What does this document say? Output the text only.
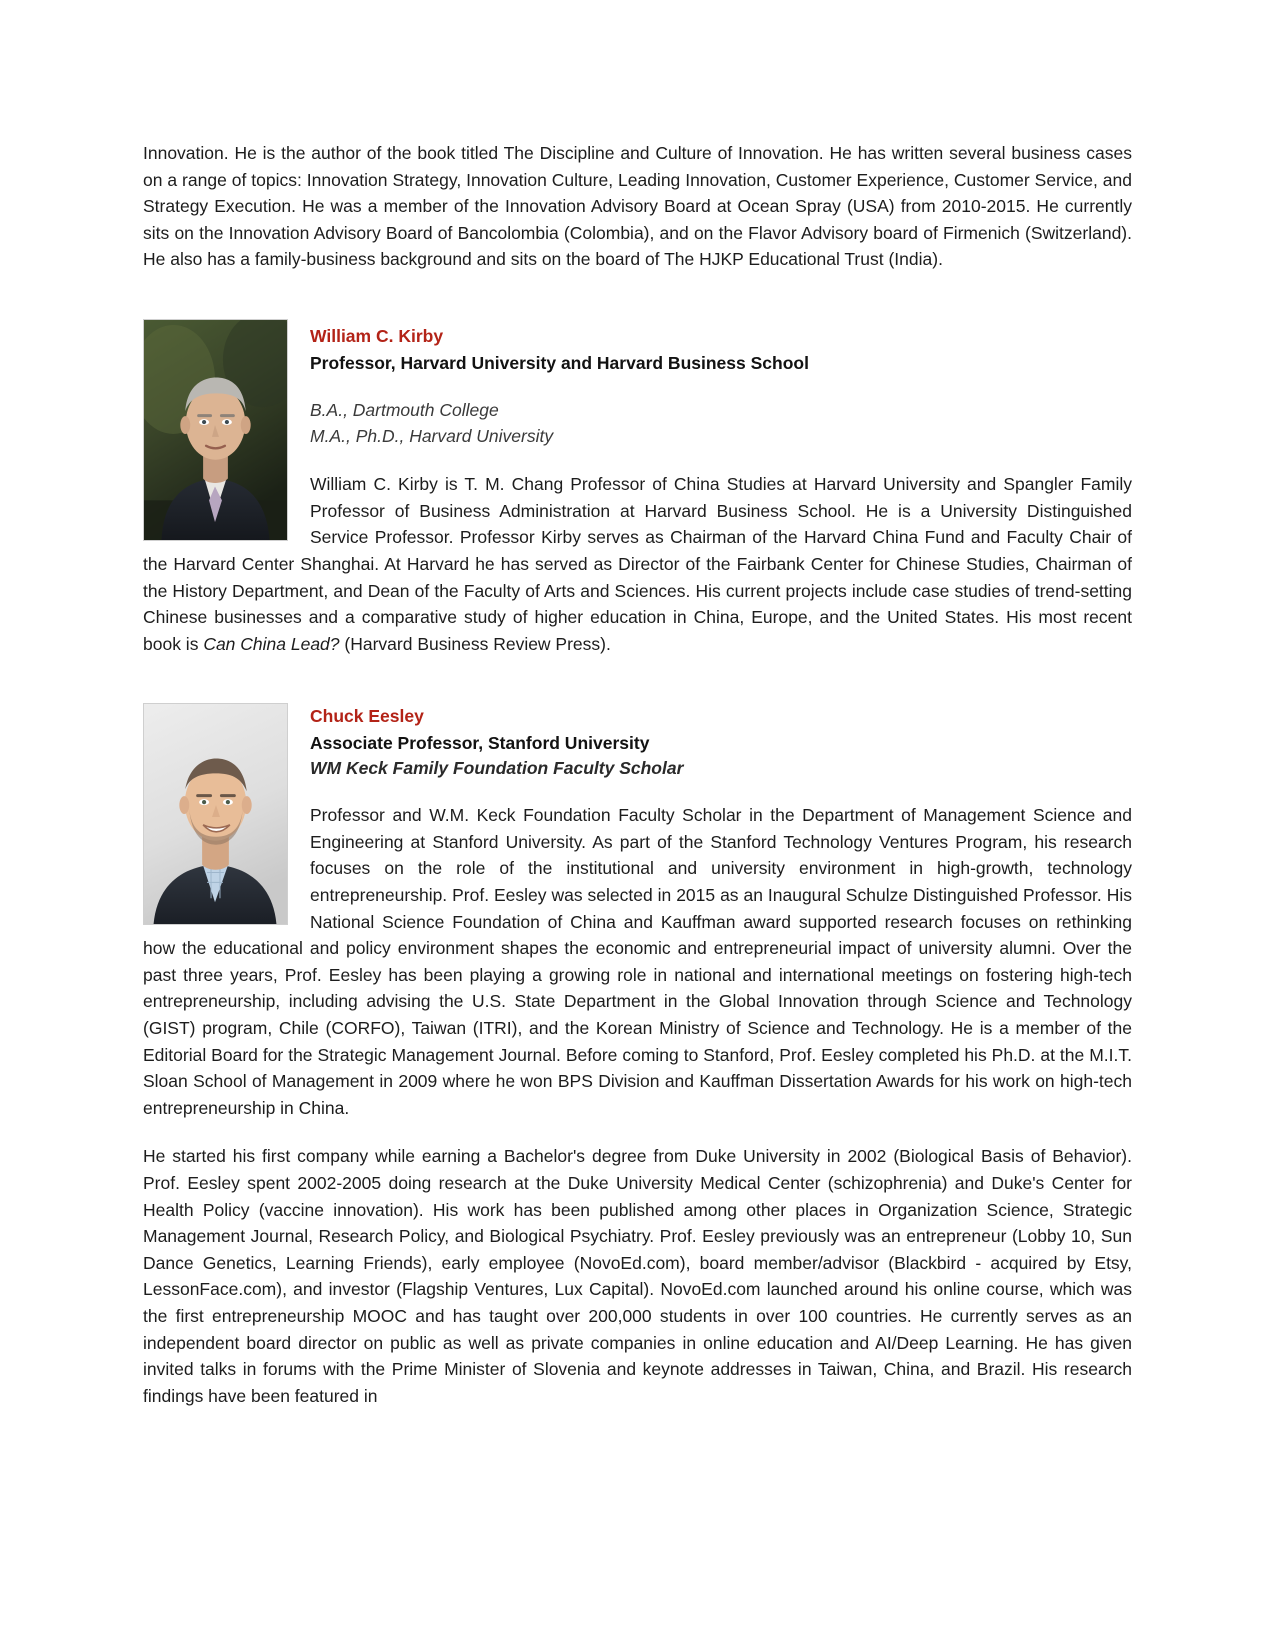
Innovation. He is the author of the book titled The Discipline and Culture of Innovation. He has written several business cases on a range of topics: Innovation Strategy, Innovation Culture, Leading Innovation, Customer Experience, Customer Service, and Strategy Execution. He was a member of the Innovation Advisory Board at Ocean Spray (USA) from 2010-2015. He currently sits on the Innovation Advisory Board of Bancolombia (Colombia), and on the Flavor Advisory board of Firmenich (Switzerland). He also has a family-business background and sits on the board of The HJKP Educational Trust (India).

William C. Kirby

Professor, Harvard University and Harvard Business School

B.A., Dartmouth College
M.A., Ph.D., Harvard University

William C. Kirby is T. M. Chang Professor of China Studies at Harvard University and Spangler Family Professor of Business Administration at Harvard Business School. He is a University Distinguished Service Professor. Professor Kirby serves as Chairman of the Harvard China Fund and Faculty Chair of the Harvard Center Shanghai. At Harvard he has served as Director of the Fairbank Center for Chinese Studies, Chairman of the History Department, and Dean of the Faculty of Arts and Sciences. His current projects include case studies of trend-setting Chinese businesses and a comparative study of higher education in China, Europe, and the United States. His most recent book is Can China Lead? (Harvard Business Review Press).

Chuck Eesley

Associate Professor, Stanford University

WM Keck Family Foundation Faculty Scholar

Professor and W.M. Keck Foundation Faculty Scholar in the Department of Management Science and Engineering at Stanford University. As part of the Stanford Technology Ventures Program, his research focuses on the role of the institutional and university environment in high-growth, technology entrepreneurship. Prof. Eesley was selected in 2015 as an Inaugural Schulze Distinguished Professor. His National Science Foundation of China and Kauffman award supported research focuses on rethinking how the educational and policy environment shapes the economic and entrepreneurial impact of university alumni. Over the past three years, Prof. Eesley has been playing a growing role in national and international meetings on fostering high-tech entrepreneurship, including advising the U.S. State Department in the Global Innovation through Science and Technology (GIST) program, Chile (CORFO), Taiwan (ITRI), and the Korean Ministry of Science and Technology. He is a member of the Editorial Board for the Strategic Management Journal. Before coming to Stanford, Prof. Eesley completed his Ph.D. at the M.I.T. Sloan School of Management in 2009 where he won BPS Division and Kauffman Dissertation Awards for his work on high-tech entrepreneurship in China.

He started his first company while earning a Bachelor's degree from Duke University in 2002 (Biological Basis of Behavior). Prof. Eesley spent 2002-2005 doing research at the Duke University Medical Center (schizophrenia) and Duke's Center for Health Policy (vaccine innovation). His work has been published among other places in Organization Science, Strategic Management Journal, Research Policy, and Biological Psychiatry. Prof. Eesley previously was an entrepreneur (Lobby 10, Sun Dance Genetics, Learning Friends), early employee (NovoEd.com), board member/advisor (Blackbird - acquired by Etsy, LessonFace.com), and investor (Flagship Ventures, Lux Capital). NovoEd.com launched around his online course, which was the first entrepreneurship MOOC and has taught over 200,000 students in over 100 countries. He currently serves as an independent board director on public as well as private companies in online education and AI/Deep Learning. He has given invited talks in forums with the Prime Minister of Slovenia and keynote addresses in Taiwan, China, and Brazil. His research findings have been featured in
